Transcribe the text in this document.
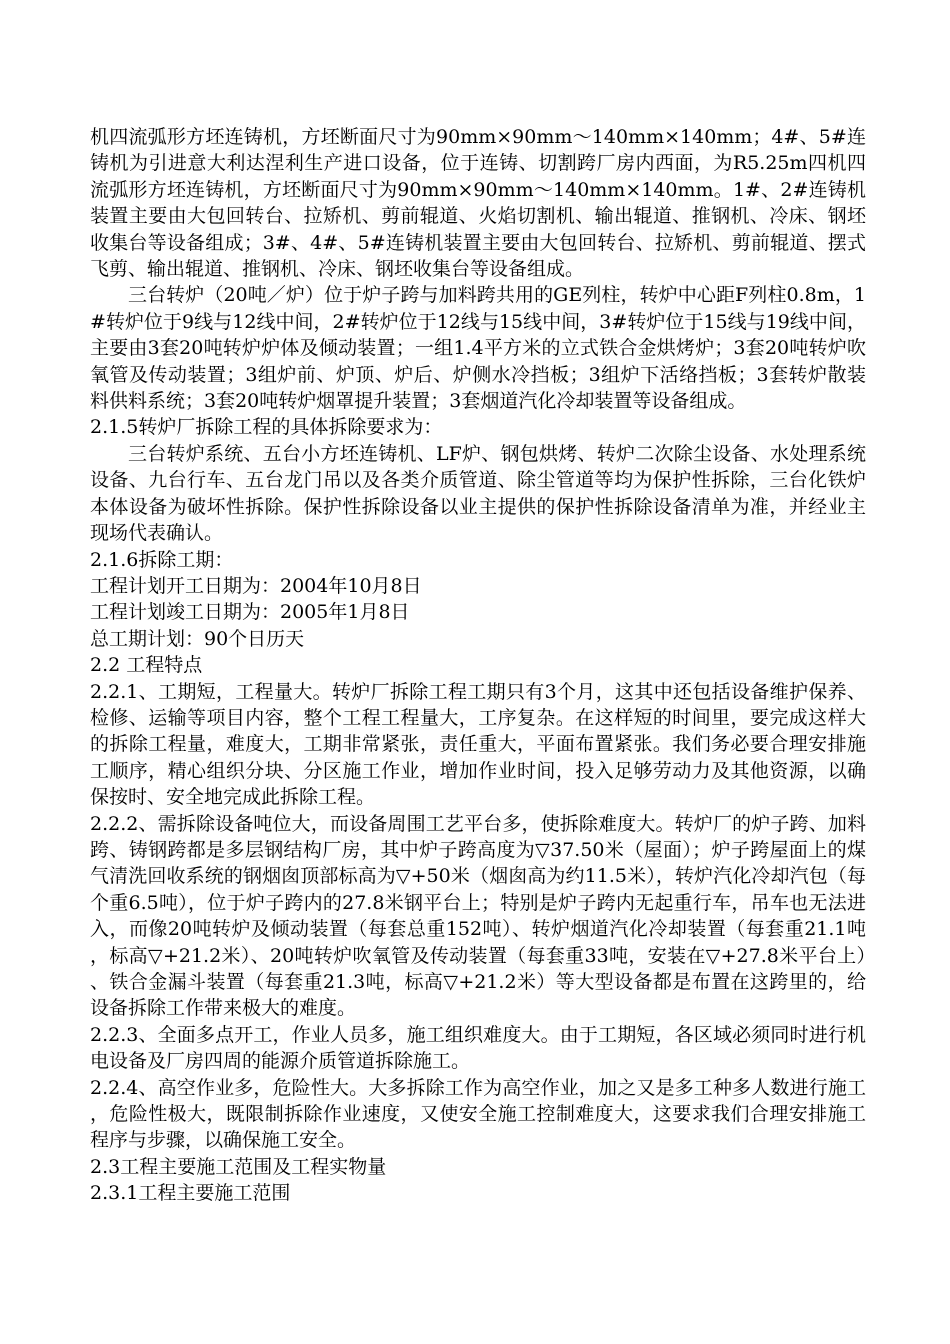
机四流弧形方坯连铸机，方坯断面尺寸为90mm×90mm～140mm×140mm；4#、5#连铸机为引进意大利达涅利生产进口设备，位于连铸、切割跨厂房内西面，为R5.25m四机四流弧形方坯连铸机，方坯断面尺寸为90mm×90mm～140mm×140mm。1#、2#连铸机装置主要由大包回转台、拉矫机、剪前辊道、火焰切割机、输出辊道、推钢机、冷床、钢坯收集台等设备组成；3#、4#、5#连铸机装置主要由大包回转台、拉矫机、剪前辊道、摆式飞剪、输出辊道、推钢机、冷床、钢坯收集台等设备组成。

三台转炉（20吨／炉）位于炉子跨与加料跨共用的GE列柱，转炉中心距F列柱0.8m，1#转炉位于9线与12线中间，2#转炉位于12线与15线中间，3#转炉位于15线与19线中间，主要由3套20吨转炉炉体及倾动装置；一组1.4平方米的立式铁合金烘烤炉；3套20吨转炉吹氧管及传动装置；3组炉前、炉顶、炉后、炉侧水冷挡板；3组炉下活络挡板；3套转炉散装料供料系统；3套20吨转炉烟罩提升装置；3套烟道汽化冷却装置等设备组成。

2.1.5转炉厂拆除工程的具体拆除要求为：

三台转炉系统、五台小方坯连铸机、LF炉、钢包烘烤、转炉二次除尘设备、水处理系统设备、九台行车、五台龙门吊以及各类介质管道、除尘管道等均为保护性拆除，三台化铁炉本体设备为破坏性拆除。保护性拆除设备以业主提供的保护性拆除设备清单为准，并经业主现场代表确认。

2.1.6拆除工期：

工程计划开工日期为：2004年10月8日

工程计划竣工日期为：2005年1月8日

总工期计划：90个日历天

2.2 工程特点

2.2.1、工期短，工程量大。转炉厂拆除工程工期只有3个月，这其中还包括设备维护保养、检修、运输等项目内容，整个工程工程量大，工序复杂。在这样短的时间里，要完成这样大的拆除工程量，难度大，工期非常紧张，责任重大，平面布置紧张。我们务必要合理安排施工顺序，精心组织分块、分区施工作业，增加作业时间，投入足够劳动力及其他资源，以确保按时、安全地完成此拆除工程。

2.2.2、需拆除设备吨位大，而设备周围工艺平台多，使拆除难度大。转炉厂的炉子跨、加料跨、铸钢跨都是多层钢结构厂房，其中炉子跨高度为▽37.50米（屋面）；炉子跨屋面上的煤气清洗回收系统的钢烟囱顶部标高为▽+50米（烟囱高为约11.5米），转炉汽化冷却汽包（每个重6.5吨），位于炉子跨内的27.8米钢平台上；特别是炉子跨内无起重行车，吊车也无法进入，而像20吨转炉及倾动装置（每套总重152吨）、转炉烟道汽化冷却装置（每套重21.1吨，标高▽+21.2米）、20吨转炉吹氧管及传动装置（每套重33吨，安装在▽+27.8米平台上）、铁合金漏斗装置（每套重21.3吨，标高▽+21.2米）等大型设备都是布置在这跨里的，给设备拆除工作带来极大的难度。

2.2.3、全面多点开工，作业人员多，施工组织难度大。由于工期短，各区域必须同时进行机电设备及厂房四周的能源介质管道拆除施工。

2.2.4、高空作业多，危险性大。大多拆除工作为高空作业，加之又是多工种多人数进行施工，危险性极大，既限制拆除作业速度，又使安全施工控制难度大，这要求我们合理安排施工程序与步骤，以确保施工安全。

2.3工程主要施工范围及工程实物量

2.3.1工程主要施工范围
